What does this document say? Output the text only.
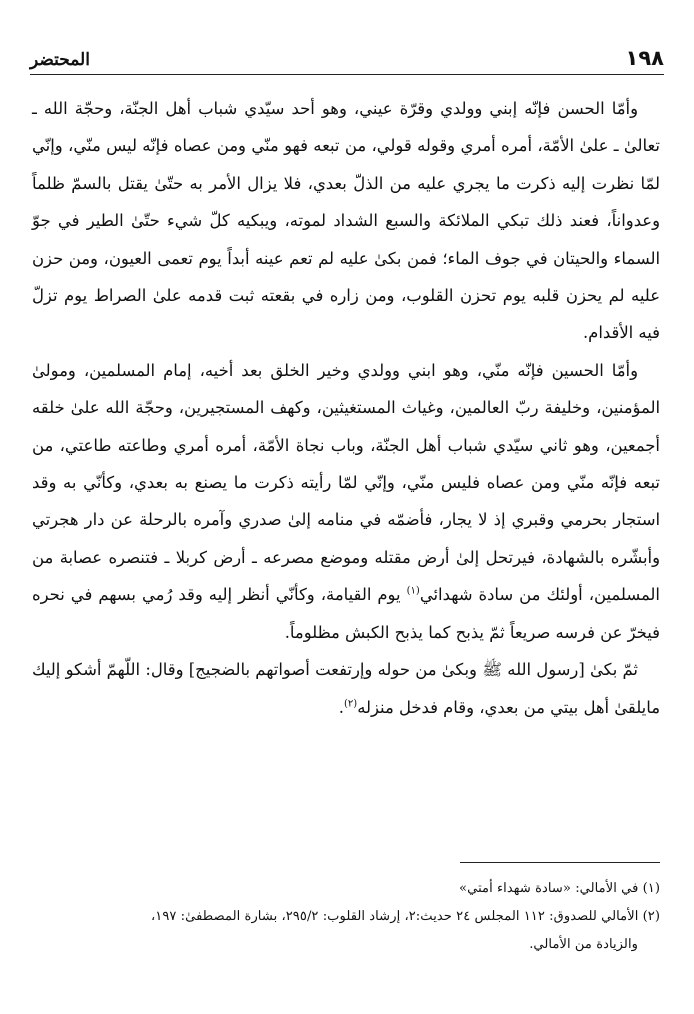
١٩٨
المحتضر

وأمّا الحسن فإنّه إبني وولدي وقرّة عيني، وهو أحد سيّدي شباب أهل الجنّة، وحجّة الله ـ تعالىٰ ـ علىٰ الأمّة، أمره أمري وقوله قولي، من تبعه فهو منّي ومن عصاه فإنّه ليس منّي، وإنّي لمّا نظرت إليه ذكرت ما يجري عليه من الذلّ بعدي، فلا يزال الأمر به حتّىٰ يقتل بالسمّ ظلماً وعدواناً، فعند ذلك تبكي الملائكة والسبع الشداد لموته، ويبكيه كلّ شيء حتّىٰ الطير في جوّ السماء والحيتان في جوف الماء؛ فمن بكىٰ عليه لم تعم عينه أبداً يوم تعمى العيون، ومن حزن عليه لم يحزن قلبه يوم تحزن القلوب، ومن زاره في بقعته ثبت قدمه علىٰ الصراط يوم تزلّ فيه الأقدام.

وأمّا الحسين فإنّه منّي، وهو ابني وولدي وخير الخلق بعد أخيه، إمام المسلمين، ومولىٰ المؤمنين، وخليفة ربّ العالمين، وغياث المستغيثين، وكهف المستجيرين، وحجّة الله علىٰ خلقه أجمعين، وهو ثاني سيّدي شباب أهل الجنّة، وباب نجاة الأمّة، أمره أمري وطاعته طاعتي، من تبعه فإنّه منّي ومن عصاه فليس منّي، وإنّي لمّا رأيته ذكرت ما يصنع به بعدي، وكأنّي به وقد استجار بحرمي وقبري إذ لا يجار، فأضمّه في منامه إلىٰ صدري وآمره بالرحلة عن دار هجرتي وأبشّره بالشهادة، فيرتحل إلىٰ أرض مقتله وموضع مصرعه ـ أرض كربلا ـ فتنصره عصابة من المسلمين، أولئك من سادة شهدائي$^{(١)}$ يوم القيامة، وكأنّي أنظر إليه وقد رُمي بسهم في نحره فيخرّ عن فرسه صريعاً ثمّ يذبح كما يذبح الكبش مظلوماً.

ثمّ بكىٰ [رسول الله ﷺ وبكىٰ من حوله وإرتفعت أصواتهم بالضجيج] وقال: اللّهمّ أشكو إليك مايلقىٰ أهل بيتي من بعدي، وقام فدخل منزله$^{(٢)}$.

(١) في الأمالي: «سادة شهداء أمتي»

(٢) الأمالي للصدوق: ١١٢ المجلس ٢٤ حديث:٢، إرشاد القلوب: ٢٩٥/٢، بشارة المصطفىٰ: ١٩٧،

والزيادة من الأمالي.
